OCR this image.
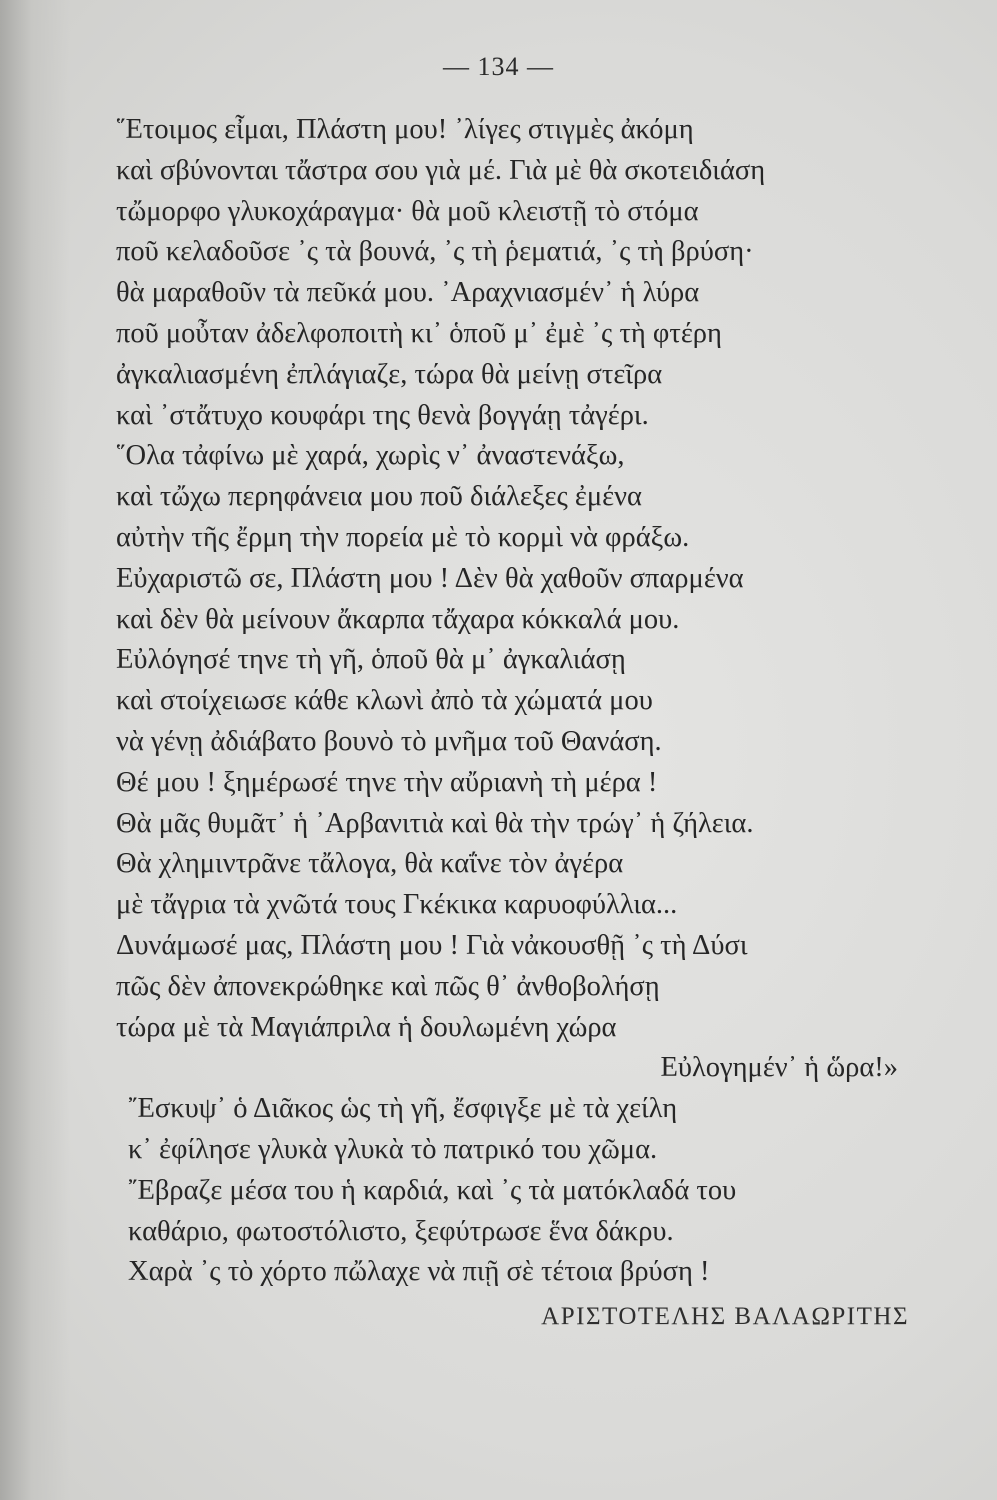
— 134 —
῞Ετοιμος εἶμαι, Πλάστη μου! ᾿λίγες στιγμὲς ἀκόμη
καὶ σβύνονται τἄστρα σου γιὰ μέ. Γιὰ μὲ θὰ σκοτειδιάση
τὤμορφο γλυκοχάραγμα· θὰ μοῦ κλειστῇ τὸ στόμα
ποῦ κελαδοῦσε ᾽ς τὰ βουνά, ᾽ς τὴ ῥεματιά, ᾽ς τὴ βρύση·
θὰ μαραθοῦν τὰ πεῦκά μου. ᾿Αραχνιασμέν᾽ ἡ λύρα
ποῦ μοὖταν ἀδελφοποιτὴ κι᾽ ὁποῦ μ᾽ ἐμὲ ᾽ς τὴ φτέρη
ἀγκαλιασμένη ἐπλάγιαζε, τώρα θὰ μείνῃ στεῖρα
καὶ ᾽στἄτυχο κουφάρι της θενὰ βογγάῃ τἀγέρι.
῞Ολα τἀφίνω μὲ χαρά, χωρὶς ν᾽ ἀναστενάξω,
καὶ τὤχω περηφάνεια μου ποῦ διάλεξες ἐμένα
αὐτὴν τῆς ἔρμη τὴν πορεία μὲ τὸ κορμὶ νὰ φράξω.
Εὐχαριστῶ σε, Πλάστη μου ! Δὲν θὰ χαθοῦν σπαρμένα
καὶ δὲν θὰ μείνουν ἄκαρπα τἄχαρα κόκκαλά μου.
Εὐλόγησέ τηνε τὴ γῆ, ὁποῦ θὰ μ᾽ ἀγκαλιάσῃ
καὶ στοίχειωσε κάθε κλωνὶ ἀπὸ τὰ χώματά μου
νὰ γένῃ ἀδιάβατο βουνὸ τὸ μνῆμα τοῦ Θανάση.
Θέ μου ! ξημέρωσέ τηνε τὴν αὔριανὴ τὴ μέρα !
Θὰ μᾶς θυμᾶτ᾽ ἡ ᾿Αρβανιτιὰ καὶ θὰ τὴν τρώγ᾽ ἡ ζήλεια.
Θὰ χλημιντρᾶνε τἄλογα, θὰ καΐνε τὸν ἀγέρα
μὲ τἄγρια τὰ χνῶτά τους Γκέκικα καρυοφύλλια...
Δυνάμωσέ μας, Πλάστη μου ! Γιὰ νἀκουσθῇ ᾽ς τὴ Δύσι
πῶς δὲν ἀπονεκρώθηκε καὶ πῶς θ᾽ ἀνθοβολήσῃ
τώρα μὲ τὰ Μαγιάπριλα ἡ δουλωμένη χώρα
Εὐλογημέν᾽ ἡ ὥρα!»
῎Εσκυψ᾽ ὁ Διᾶκος ὡς τὴ γῆ, ἔσφιγξε μὲ τὰ χείλη
κ᾽ ἐφίλησε γλυκὰ γλυκὰ τὸ πατρικό του χῶμα.
῎Εβραζε μέσα του ἡ καρδιά, καὶ ᾽ς τὰ ματόκλαδά του
καθάριο, φωτοστόλιστο, ξεφύτρωσε ἕνα δάκρυ.
Χαρὰ ᾽ς τὸ χόρτο πὤλαχε νὰ πιῇ σὲ τέτοια βρύση !
ΑΡΙΣΤΟΤΕΛΗΣ ΒΑΛΑΩΡΙΤΗΣ
